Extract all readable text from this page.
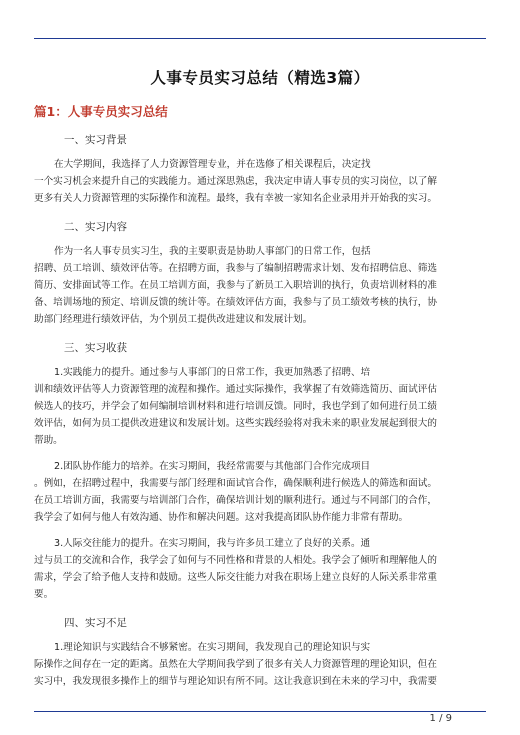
人事专员实习总结（精选3篇）
篇1：人事专员实习总结
一、实习背景
在大学期间，我选择了人力资源管理专业，并在选修了相关课程后，决定找
一个实习机会来提升自己的实践能力。通过深思熟虑，我决定申请人事专员的实习岗位，以了解
更多有关人力资源管理的实际操作和流程。最终，我有幸被一家知名企业录用并开始我的实习。
二、实习内容
作为一名人事专员实习生，我的主要职责是协助人事部门的日常工作，包括
招聘、员工培训、绩效评估等。在招聘方面，我参与了编制招聘需求计划、发布招聘信息、筛选
简历、安排面试等工作。在员工培训方面，我参与了新员工入职培训的执行，负责培训材料的准
备、培训场地的预定、培训反馈的统计等。在绩效评估方面，我参与了员工绩效考核的执行，协
助部门经理进行绩效评估，为个别员工提供改进建议和发展计划。
三、实习收获
1.实践能力的提升。通过参与人事部门的日常工作，我更加熟悉了招聘、培
训和绩效评估等人力资源管理的流程和操作。通过实际操作，我掌握了有效筛选简历、面试评估
候选人的技巧，并学会了如何编制培训材料和进行培训反馈。同时，我也学到了如何进行员工绩
效评估，如何为员工提供改进建议和发展计划。这些实践经验将对我未来的职业发展起到很大的
帮助。
2.团队协作能力的培养。在实习期间，我经常需要与其他部门合作完成项目
。例如，在招聘过程中，我需要与部门经理和面试官合作，确保顺利进行候选人的筛选和面试。
在员工培训方面，我需要与培训部门合作，确保培训计划的顺利进行。通过与不同部门的合作，
我学会了如何与他人有效沟通、协作和解决问题。这对我提高团队协作能力非常有帮助。
3.人际交往能力的提升。在实习期间，我与许多员工建立了良好的关系。通
过与员工的交流和合作，我学会了如何与不同性格和背景的人相处。我学会了倾听和理解他人的
需求，学会了给予他人支持和鼓励。这些人际交往能力对我在职场上建立良好的人际关系非常重
要。
四、实习不足
1.理论知识与实践结合不够紧密。在实习期间，我发现自己的理论知识与实
际操作之间存在一定的距离。虽然在大学期间我学到了很多有关人力资源管理的理论知识，但在
实习中，我发现很多操作上的细节与理论知识有所不同。这让我意识到在未来的学习中，我需要
1 / 9
